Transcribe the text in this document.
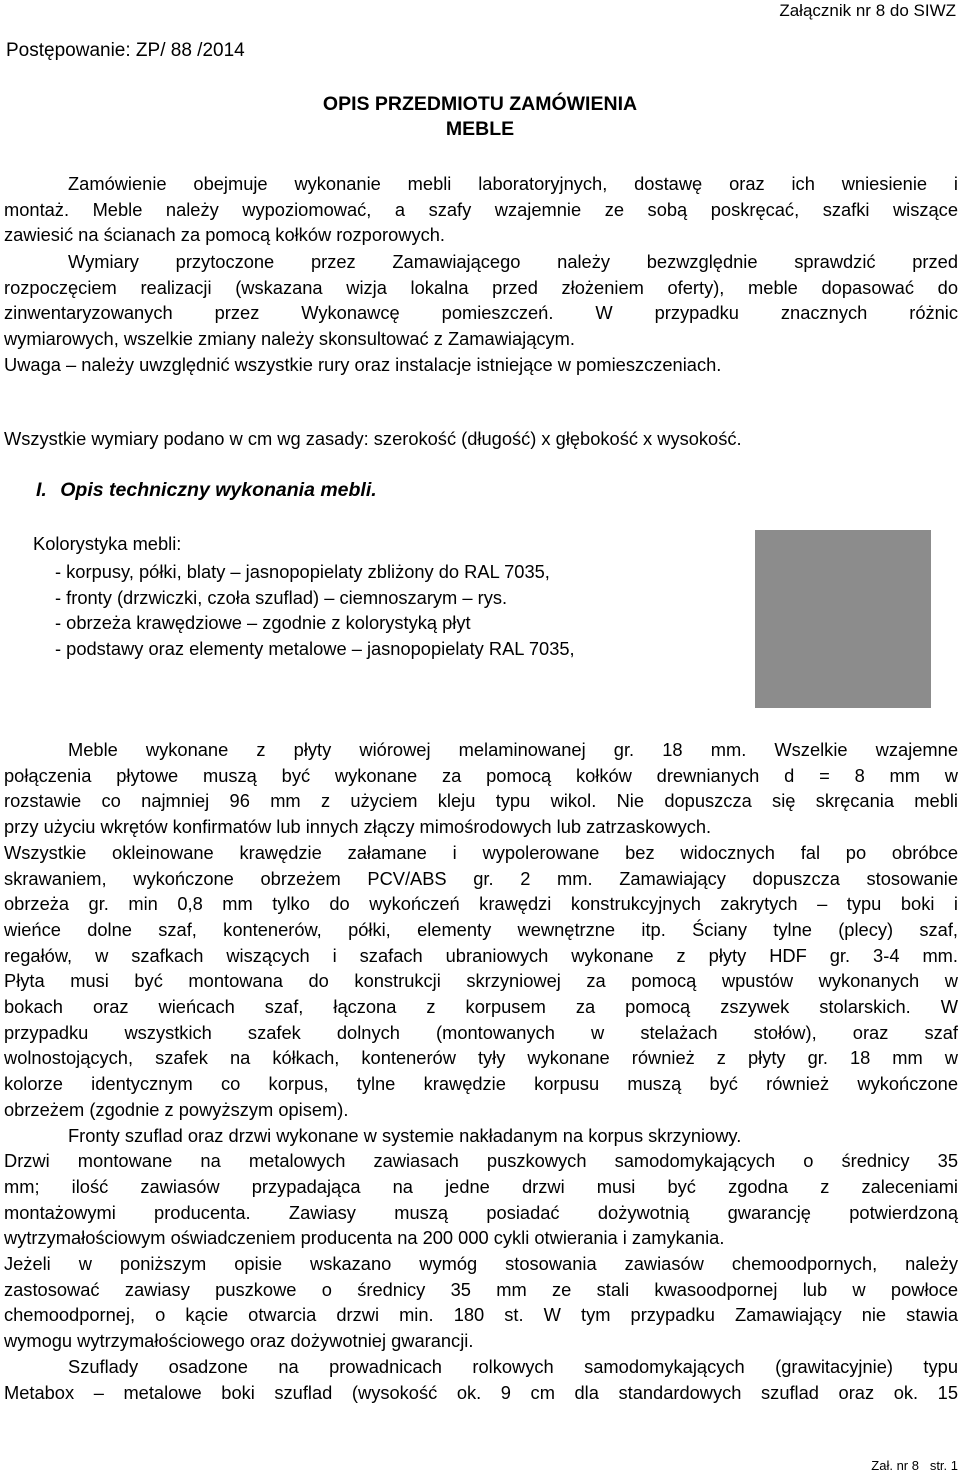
Postępowanie: ZP/ 88 /2014
Załącznik nr 8 do SIWZ
OPIS PRZEDMIOTU ZAMÓWIENIA
MEBLE
Zamówienie obejmuje wykonanie mebli laboratoryjnych, dostawę oraz ich wniesienie i
montaż. Meble należy wypoziomować, a szafy wzajemnie ze sobą poskręcać, szafki wiszące
zawiesić na ścianach za pomocą kołków rozporowych.
Wymiary przytoczone przez Zamawiającego należy bezwzględnie sprawdzić przed
rozpoczęciem realizacji (wskazana wizja lokalna przed złożeniem oferty), meble dopasować do
zinwentaryzowanych przez Wykonawcę pomieszczeń. W przypadku znacznych różnic
wymiarowych, wszelkie zmiany należy skonsultować z Zamawiającym.
Uwaga – należy uwzględnić wszystkie rury oraz instalacje istniejące w pomieszczeniach.
Wszystkie wymiary podano w cm wg zasady: szerokość (długość) x głębokość x wysokość.
I. Opis techniczny wykonania mebli.
Kolorystyka mebli:
- korpusy, półki, blaty – jasnopopielaty zbliżony do RAL 7035,
- fronty (drzwiczki, czoła szuflad) – ciemnoszarym – rys.
- obrzeża krawędziowe – zgodnie z kolorystyką płyt
- podstawy oraz elementy metalowe – jasnopopielaty RAL 7035,
Meble wykonane z płyty wiórowej melaminowanej gr. 18 mm. Wszelkie wzajemne
połączenia płytowe muszą być wykonane za pomocą kołków drewnianych d = 8 mm w
rozstawie co najmniej 96 mm z użyciem kleju typu wikol. Nie dopuszcza się skręcania mebli
przy użyciu wkrętów konfirmatów lub innych złączy mimośrodowych lub zatrzaskowych.
Wszystkie okleinowane krawędzie załamane i wypolerowane bez widocznych fal po obróbce
skrawaniem, wykończone obrzeżem PCV/ABS gr. 2 mm. Zamawiający dopuszcza stosowanie
obrzeża gr. min 0,8 mm tylko do wykończeń krawędzi konstrukcyjnych zakrytych – typu boki i
wieńce dolne szaf, kontenerów, półki, elementy wewnętrzne itp. Ściany tylne (plecy) szaf,
regałów, w szafkach wiszących i szafach ubraniowych wykonane z płyty HDF gr. 3-4 mm.
Płyta musi być montowana do konstrukcji skrzyniowej za pomocą wpustów wykonanych w
bokach oraz wieńcach szaf, łączona z korpusem za pomocą zszywek stolarskich. W
przypadku wszystkich szafek dolnych (montowanych w stelażach stołów), oraz szaf
wolnostojących, szafek na kółkach, kontenerów tyły wykonane również z płyty gr. 18 mm w
kolorze identycznym co korpus, tylne krawędzie korpusu muszą być również wykończone
obrzeżem (zgodnie z powyższym opisem).
Fronty szuflad oraz drzwi wykonane w systemie nakładanym na korpus skrzyniowy.
Drzwi montowane na metalowych zawiasach puszkowych samodomykających o średnicy 35
mm; ilość zawiasów przypadająca na jedne drzwi musi być zgodna z zaleceniami
montażowymi producenta. Zawiasy muszą posiadać dożywotnią gwarancję potwierdzoną
wytrzymałościowym oświadczeniem producenta na 200 000 cykli otwierania i zamykania.
Jeżeli w poniższym opisie wskazano wymóg stosowania zawiasów chemoodpornych, należy
zastosować zawiasy puszkowe o średnicy 35 mm ze stali kwasoodpornej lub w powłoce
chemoodpornej, o kącie otwarcia drzwi min. 180 st. W tym przypadku Zamawiający nie stawia
wymogu wytrzymałościowego oraz dożywotniej gwarancji.
Szuflady osadzone na prowadnicach rolkowych samodomykających (grawitacyjnie) typu
Metabox – metalowe boki szuflad (wysokość ok. 9 cm dla standardowych szuflad oraz ok. 15
Zał. nr 8   str. 1
